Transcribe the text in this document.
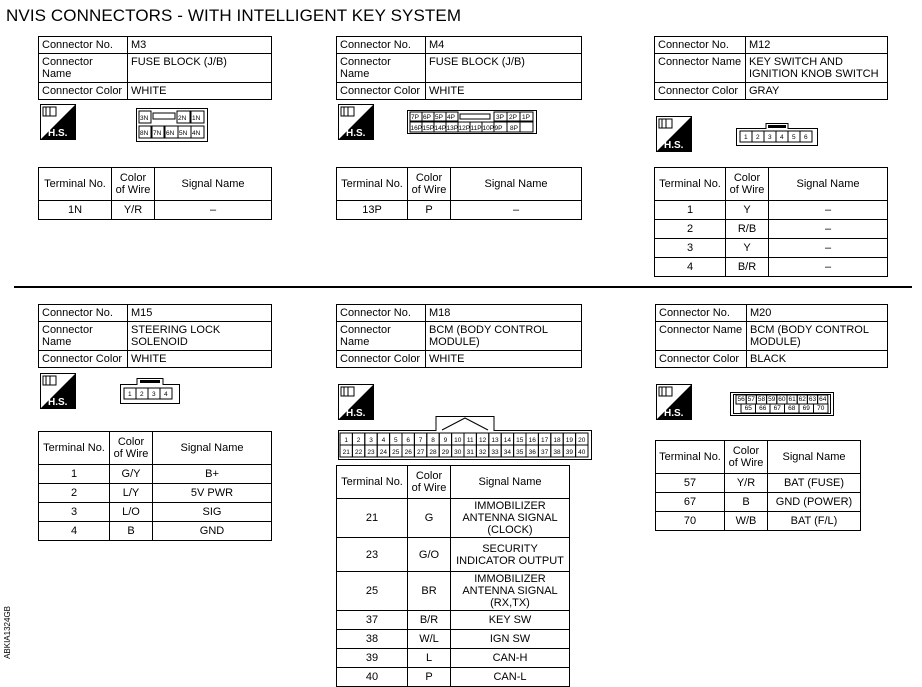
NVIS CONNECTORS - WITH INTELLIGENT KEY SYSTEM
ABKIA1324GB
Connector No.	M3
Connector Name	FUSE BLOCK (J/B)
Connector Color	WHITE
H.S.
3N	2N 1N
8N 7N 6N 5N 4N
Terminal No.	Color of Wire	Signal Name
1N	Y/R	–
Connector No.	M4
Connector Name	FUSE BLOCK (J/B)
Connector Color	WHITE
H.S.
7P 6P 5P 4P	3P 2P 1P
16P 15P 14P 13P 12P 11P 10P 9P 8P
Terminal No.	Color of Wire	Signal Name
13P	P	–
Connector No.	M12
Connector Name	KEY SWITCH AND IGNITION KNOB SWITCH
Connector Color	GRAY
H.S.
1 2 3 4 5 6
Terminal No.	Color of Wire	Signal Name
1	Y	–
2	R/B	–
3	Y	–
4	B/R	–
Connector No.	M15
Connector Name	STEERING LOCK SOLENOID
Connector Color	WHITE
H.S.
1 2 3 4
Terminal No.	Color of Wire	Signal Name
1	G/Y	B+
2	L/Y	5V PWR
3	L/O	SIG
4	B	GND
Connector No.	M18
Connector Name	BCM (BODY CONTROL MODULE)
Connector Color	WHITE
H.S.
1 2 3 4 5 6 7 8 9 10 11 12 13 14 15 16 17 18 19 20
21 22 23 24 25 26 27 28 29 30 31 32 33 34 35 36 37 38 39 40
Terminal No.	Color of Wire	Signal Name
21	G	IMMOBILIZER ANTENNA SIGNAL (CLOCK)
23	G/O	SECURITY INDICATOR OUTPUT
25	BR	IMMOBILIZER ANTENNA SIGNAL (RX,TX)
37	B/R	KEY SW
38	W/L	IGN SW
39	L	CAN-H
40	P	CAN-L
Connector No.	M20
Connector Name	BCM (BODY CONTROL MODULE)
Connector Color	BLACK
H.S.
56 57 58 59 60 61 62 63 64
65 66 67 68 69 70
Terminal No.	Color of Wire	Signal Name
57	Y/R	BAT (FUSE)
67	B	GND (POWER)
70	W/B	BAT (F/L)
